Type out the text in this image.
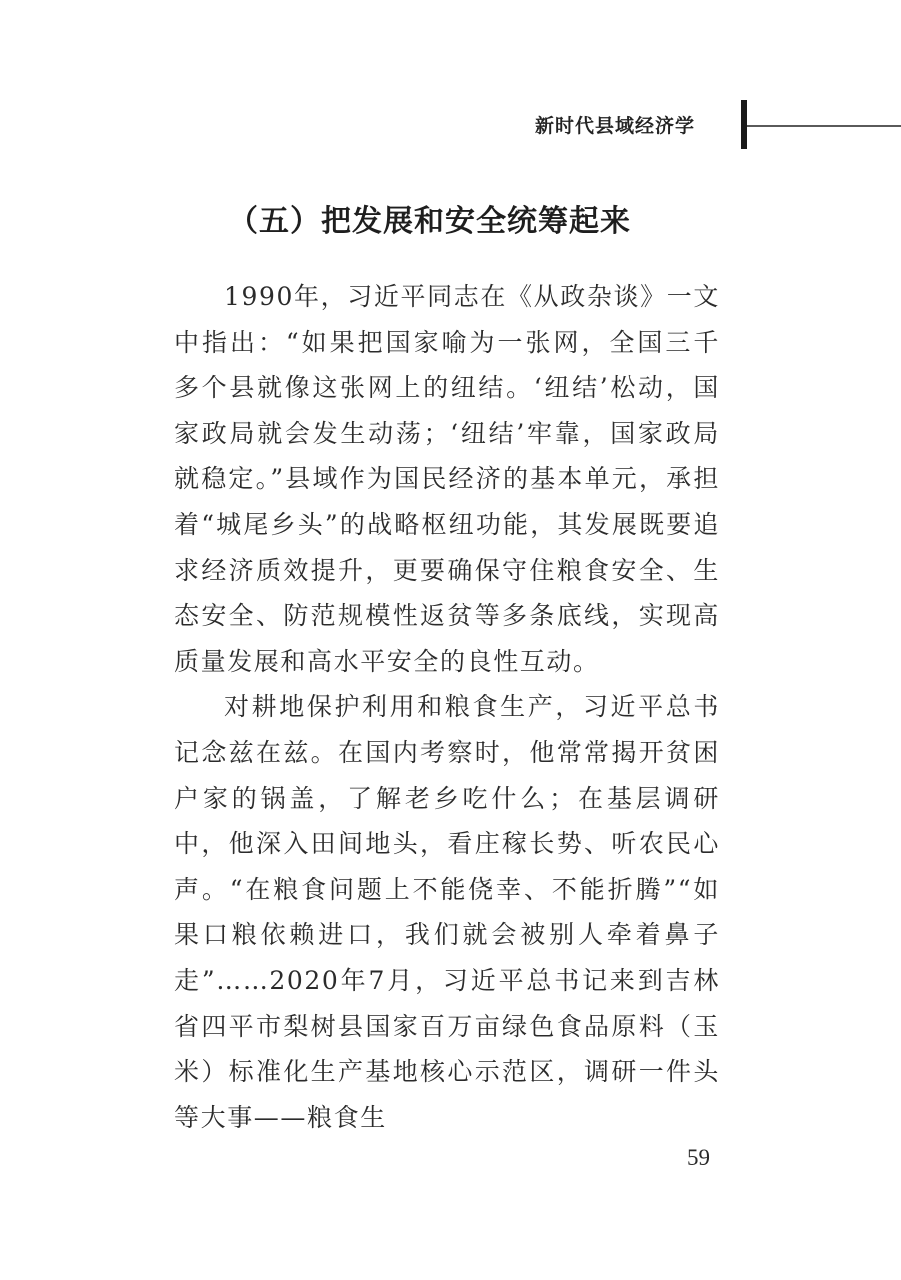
新时代县域经济学
（五）把发展和安全统筹起来

1990年，习近平同志在《从政杂谈》一文中指出：“如果把国家喻为一张网，全国三千多个县就像这张网上的纽结。‘纽结’松动，国家政局就会发生动荡；‘纽结’牢靠，国家政局就稳定。”县域作为国民经济的基本单元，承担着“城尾乡头”的战略枢纽功能，其发展既要追求经济质效提升，更要确保守住粮食安全、生态安全、防范规模性返贫等多条底线，实现高质量发展和高水平安全的良性互动。

对耕地保护利用和粮食生产，习近平总书记念兹在兹。在国内考察时，他常常揭开贫困户家的锅盖，了解老乡吃什么；在基层调研中，他深入田间地头，看庄稼长势、听农民心声。“在粮食问题上不能侥幸、不能折腾”“如果口粮依赖进口，我们就会被别人牵着鼻子走”……2020年7月，习近平总书记来到吉林省四平市梨树县国家百万亩绿色食品原料（玉米）标准化生产基地核心示范区，调研一件头等大事——粮食生

59
